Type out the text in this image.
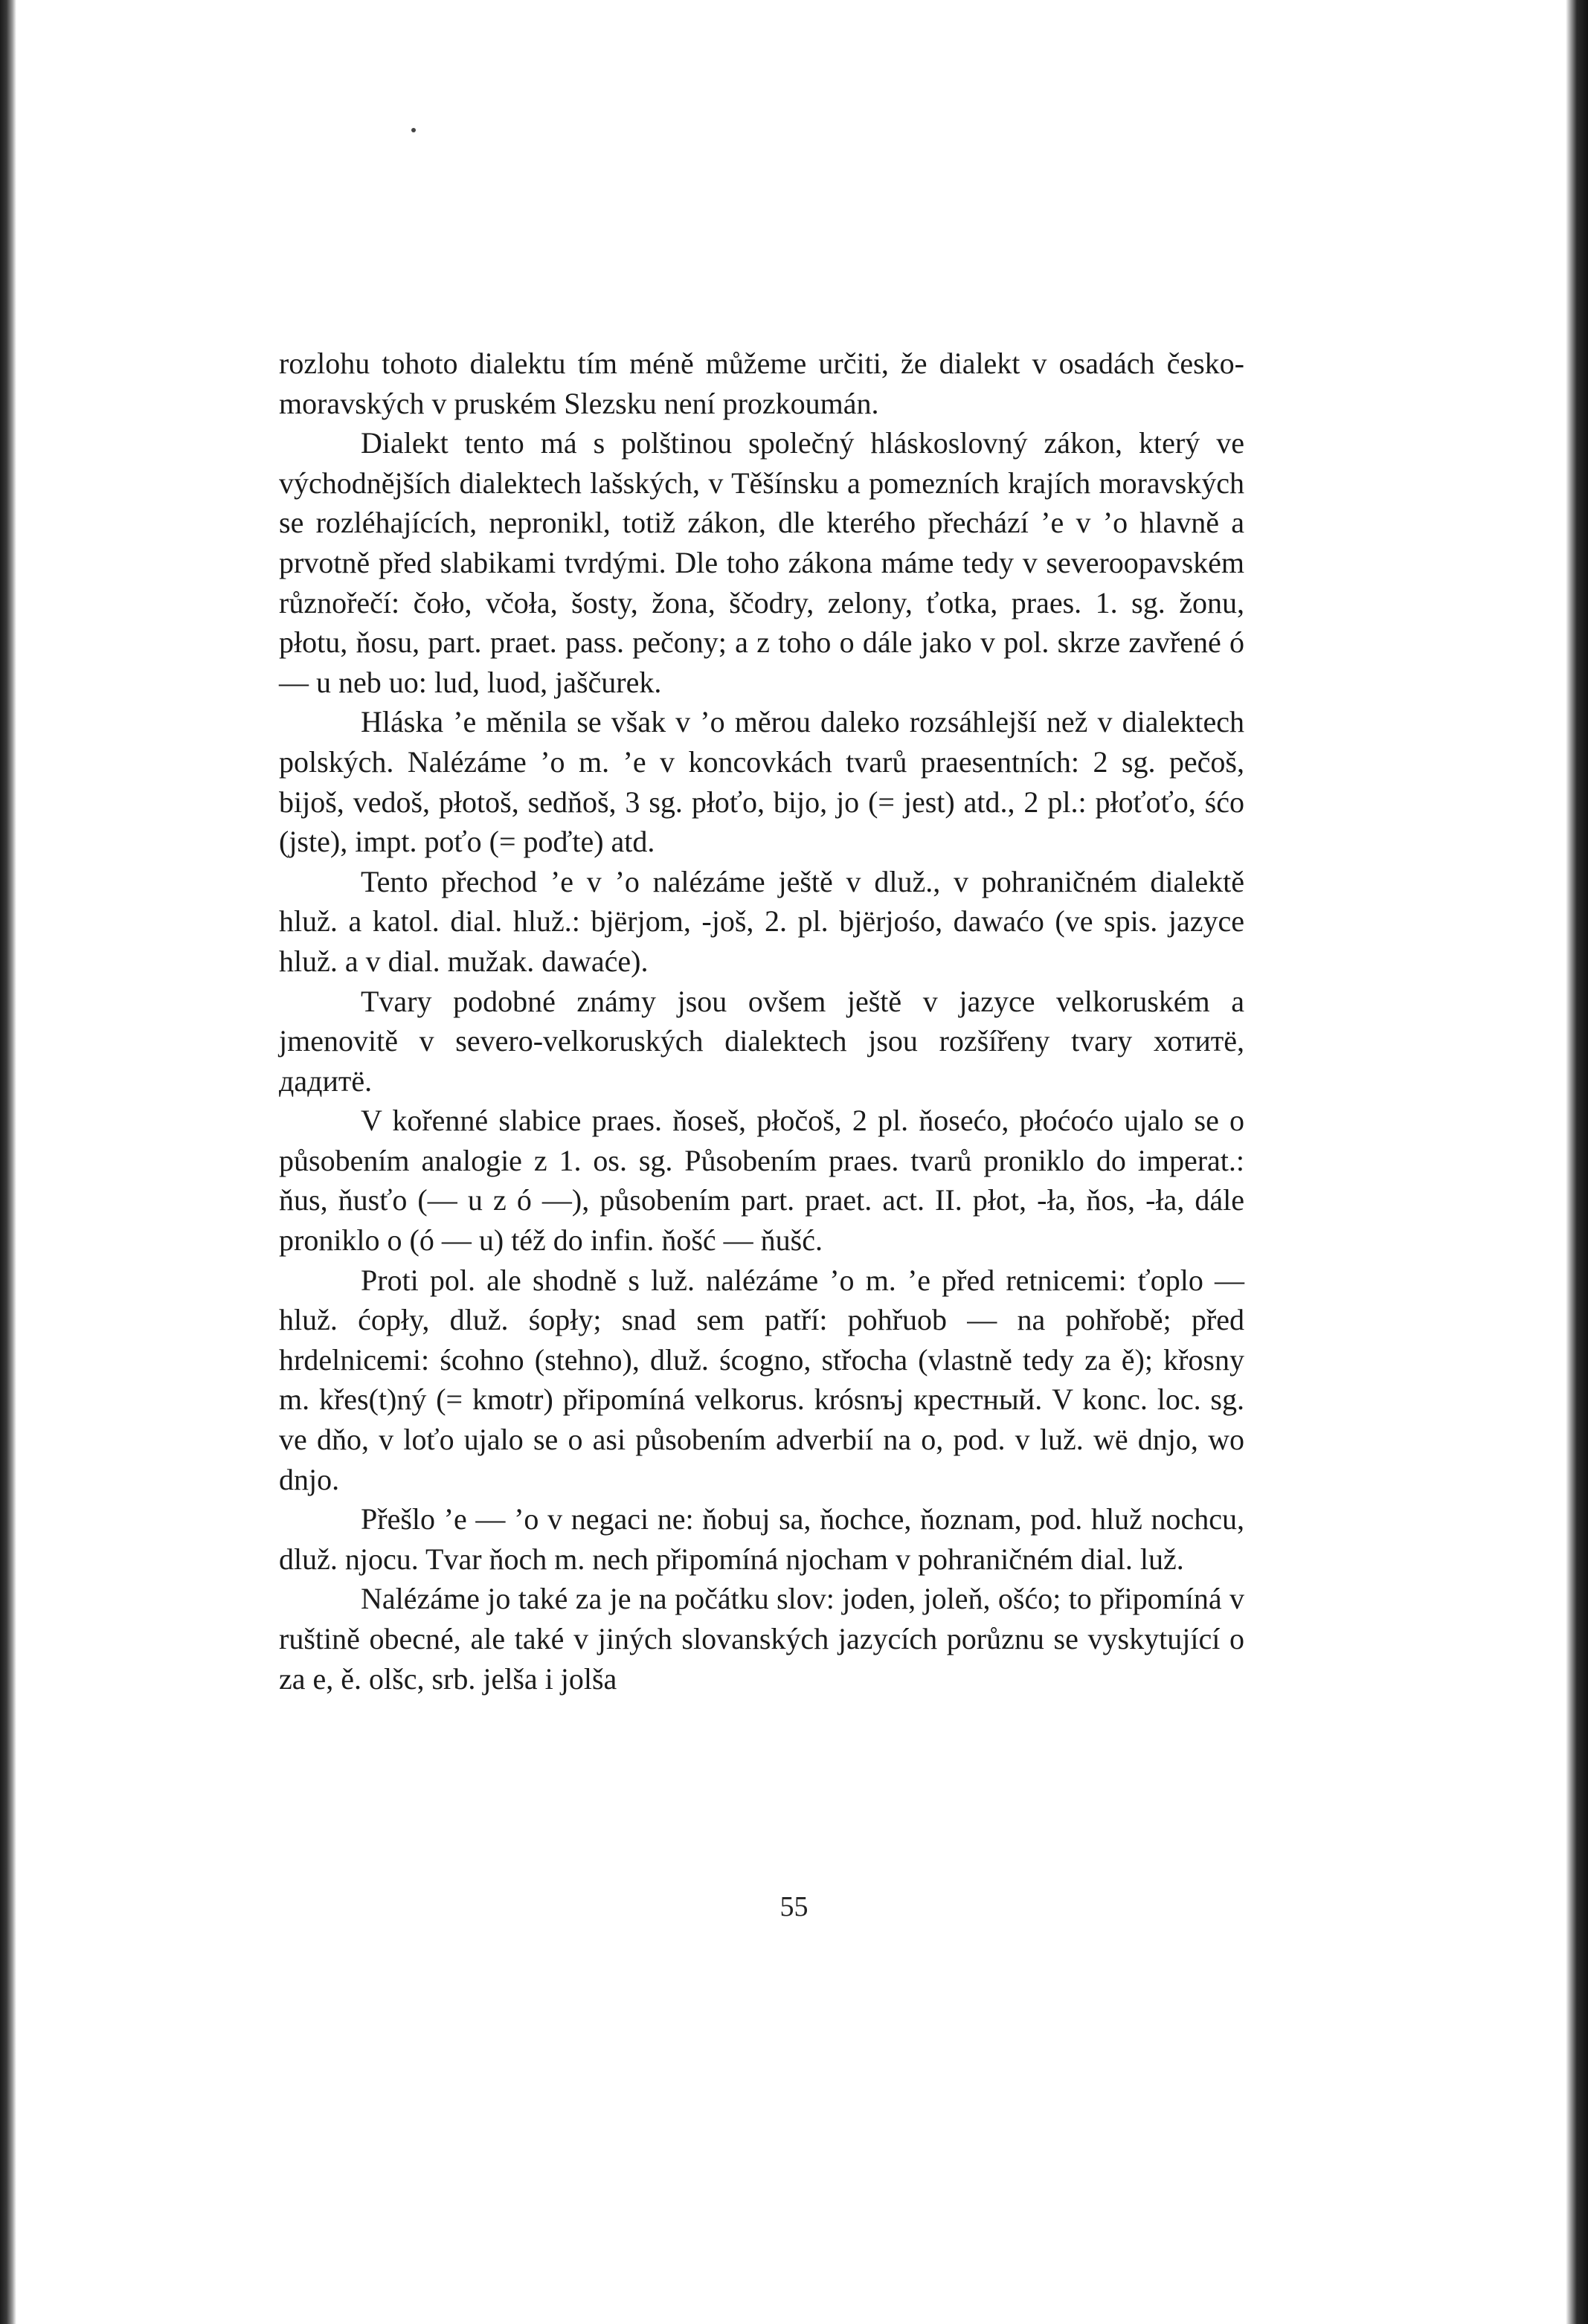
rozlohu tohoto dialektu tím méně můžeme určiti, že dialekt v osadách česko-moravských v pruském Slezsku není prozkoumán.

Dialekt tento má s polštinou společný hláskoslovný zákon, který ve východnějších dialektech lašských, v Těšínsku a pomezních krajích moravských se rozléhajících, nepronikl, totiž zákon, dle kterého přechází ’e v ’o hlavně a prvotně před slabikami tvrdými. Dle toho zákona máme tedy v severoopavském různořečí: čoło, včoła, šosty, žona, ščodry, zelony, ťotka, praes. 1. sg. žonu, płotu, ňosu, part. praet. pass. pečony; a z toho o dále jako v pol. skrze zavřené ó — u neb uo: lud, luod, jaščurek.

Hláska ’e měnila se však v ’o měrou daleko rozsáhlejší než v dialektech polských. Nalézáme ’o m. ’e v koncovkách tvarů praesentních: 2 sg. pečoš, bijoš, vedoš, płotoš, sedňoš, 3 sg. płoťo, bijo, jo (= jest) atd., 2 pl.: płoťoťo, śćo (jste), impt. poťo (= poďte) atd.

Tento přechod ’e v ’o nalézáme ještě v dluž., v pohraničném dialektě hluž. a katol. dial. hluž.: bjërjom, -još, 2. pl. bjërjośo, dawaćo (ve spis. jazyce hluž. a v dial. mužak. dawaće).

Tvary podobné známy jsou ovšem ještě v jazyce velkoruském a jmenovitě v severo-velkoruských dialektech jsou rozšířeny tvary хотитё, дадитё.

V kořenné slabice praes. ňoseš, płočoš, 2 pl. ňosećo, płoćoćo ujalo se o působením analogie z 1. os. sg. Působením praes. tvarů proniklo do imperat.: ňus, ňusťo (— u z ó —), působením part. praet. act. II. płot, -ła, ňos, -ła, dále proniklo o (ó — u) též do infin. ňošć — ňušć.

Proti pol. ale shodně s luž. nalézáme ’o m. ’e před retnicemi: ťoplo — hluž. ćopły, dluž. śopły; snad sem patří: pohřuob — na pohřobě; před hrdelnicemi: ścohno (stehno), dluž. ścogno, střocha (vlastně tedy za ě); křosny m. křes(t)ný (= kmotr) připomíná velkorus. krósnъj крестный. V konc. loc. sg. ve dňo, v loťo ujalo se o asi působením adverbií na o, pod. v luž. wë dnjo, wo dnjo.

Přešlo ’e — ’o v negaci ne: ňobuj sa, ňochce, ňoznam, pod. hluž nochcu, dluž. njocu. Tvar ňoch m. nech připomíná njocham v pohraničném dial. luž.

Nalézáme jo také za je na počátku slov: joden, joleň, ošćo; to připomíná v ruštině obecné, ale také v jiných slovanských jazycích porůznu se vyskytující o za e, ě. olšc, srb. jelša i jolša

55
